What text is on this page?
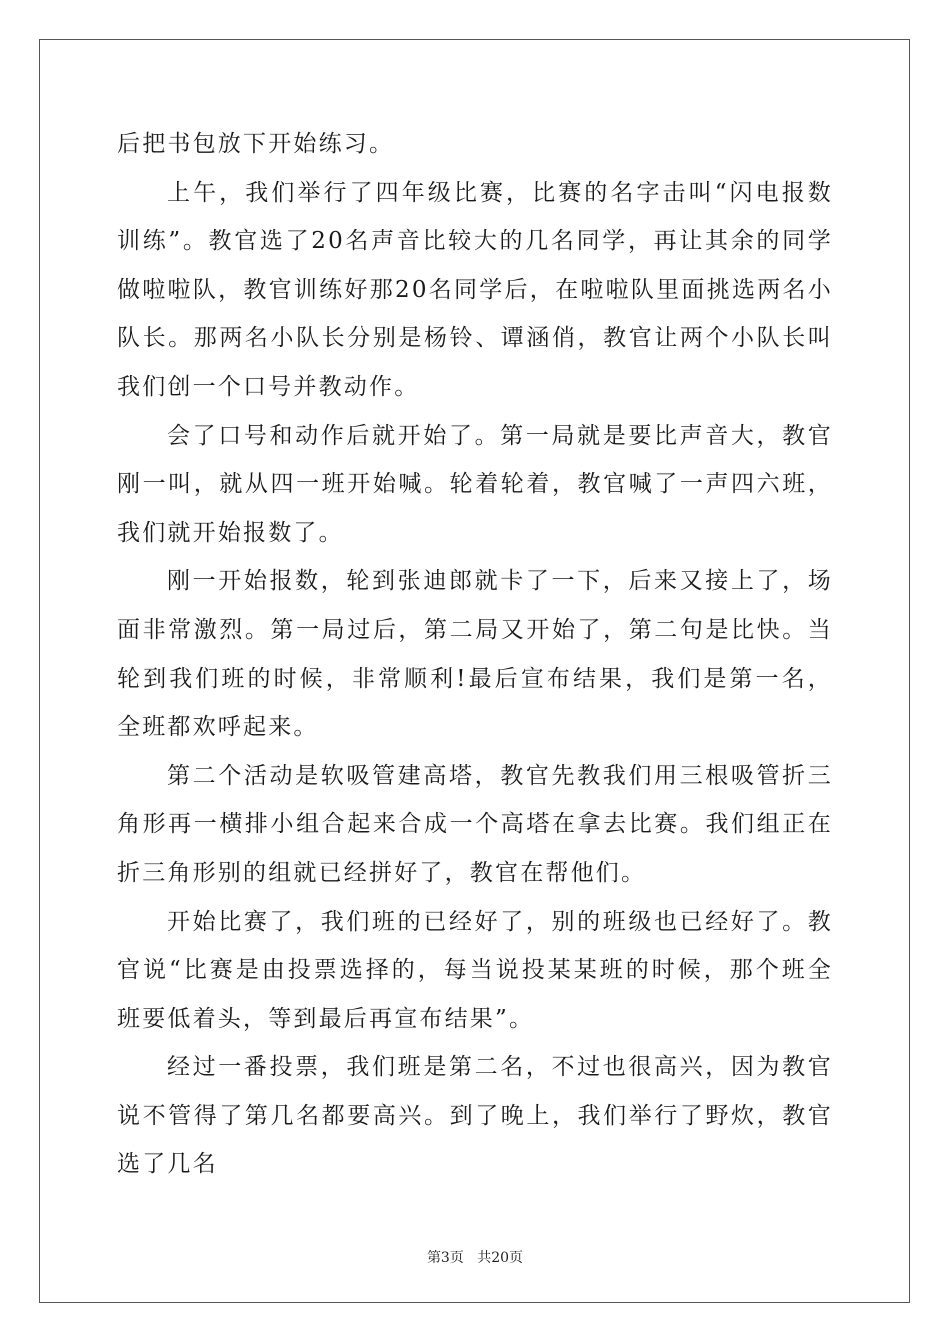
后把书包放下开始练习。

上午，我们举行了四年级比赛，比赛的名字击叫“闪电报数训练”。教官选了20名声音比较大的几名同学，再让其余的同学做啦啦队，教官训练好那20名同学后，在啦啦队里面挑选两名小队长。那两名小队长分别是杨铃、谭涵俏，教官让两个小队长叫我们创一个口号并教动作。

会了口号和动作后就开始了。第一局就是要比声音大，教官刚一叫，就从四一班开始喊。轮着轮着，教官喊了一声四六班，我们就开始报数了。

刚一开始报数，轮到张迪郎就卡了一下，后来又接上了，场面非常激烈。第一局过后，第二局又开始了，第二句是比快。当轮到我们班的时候，非常顺利!最后宣布结果，我们是第一名，全班都欢呼起来。

第二个活动是软吸管建高塔，教官先教我们用三根吸管折三角形再一横排小组合起来合成一个高塔在拿去比赛。我们组正在折三角形别的组就已经拼好了，教官在帮他们。

开始比赛了，我们班的已经好了，别的班级也已经好了。教官说“比赛是由投票选择的，每当说投某某班的时候，那个班全班要低着头，等到最后再宣布结果”。

经过一番投票，我们班是第二名，不过也很高兴，因为教官说不管得了第几名都要高兴。到了晚上，我们举行了野炊，教官选了几名

第3页 共20页
